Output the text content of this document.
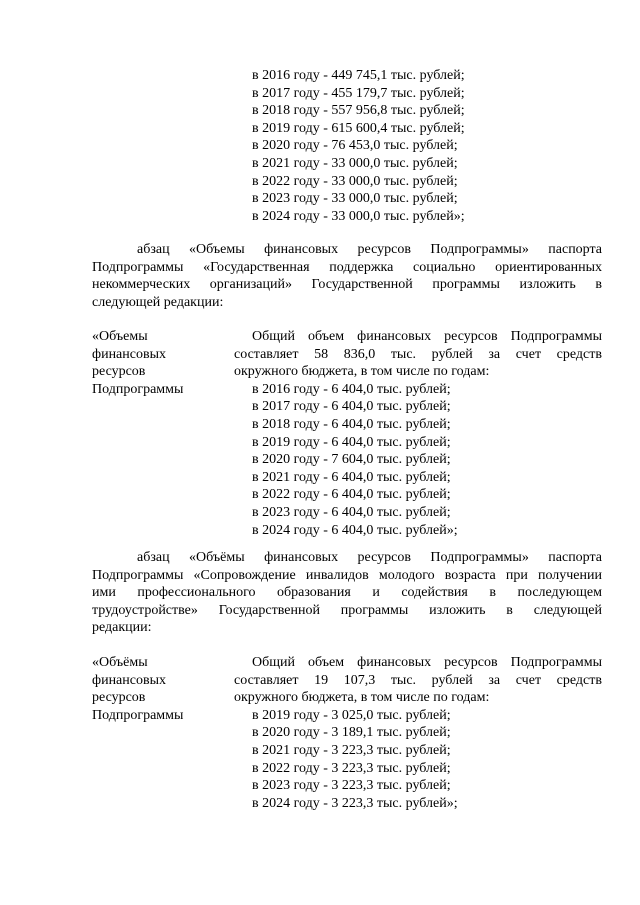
в 2016 году - 449 745,1 тыс. рублей;
в 2017 году - 455 179,7 тыс. рублей;
в 2018 году - 557 956,8 тыс. рублей;
в 2019 году - 615 600,4 тыс. рублей;
в 2020 году - 76 453,0 тыс. рублей;
в 2021 году - 33 000,0 тыс. рублей;
в 2022 году - 33 000,0 тыс. рублей;
в 2023 году - 33 000,0 тыс. рублей;
в 2024 году - 33 000,0 тыс. рублей»;
абзац «Объемы финансовых ресурсов Подпрограммы» паспорта
Подпрограммы «Государственная поддержка социально ориентированных
некоммерческих организаций» Государственной программы изложить в
следующей редакции:
«Объемы
финансовых
ресурсов
Подпрограммы
Общий объем финансовых ресурсов Подпрограммы
составляет 58 836,0 тыс. рублей за счет средств
окружного бюджета, в том числе по годам:
в 2016 году - 6 404,0 тыс. рублей;
в 2017 году - 6 404,0 тыс. рублей;
в 2018 году - 6 404,0 тыс. рублей;
в 2019 году - 6 404,0 тыс. рублей;
в 2020 году - 7 604,0 тыс. рублей;
в 2021 году - 6 404,0 тыс. рублей;
в 2022 году - 6 404,0 тыс. рублей;
в 2023 году - 6 404,0 тыс. рублей;
в 2024 году - 6 404,0 тыс. рублей»;
абзац «Объёмы финансовых ресурсов Подпрограммы» паспорта
Подпрограммы «Сопровождение инвалидов молодого возраста при получении
ими профессионального образования и содействия в последующем
трудоустройстве» Государственной программы изложить в следующей
редакции:
«Объёмы
финансовых
ресурсов
Подпрограммы
Общий объем финансовых ресурсов Подпрограммы
составляет 19 107,3 тыс. рублей за счет средств
окружного бюджета, в том числе по годам:
в 2019 году - 3 025,0 тыс. рублей;
в 2020 году - 3 189,1 тыс. рублей;
в 2021 году - 3 223,3 тыс. рублей;
в 2022 году - 3 223,3 тыс. рублей;
в 2023 году - 3 223,3 тыс. рублей;
в 2024 году - 3 223,3 тыс. рублей»;
